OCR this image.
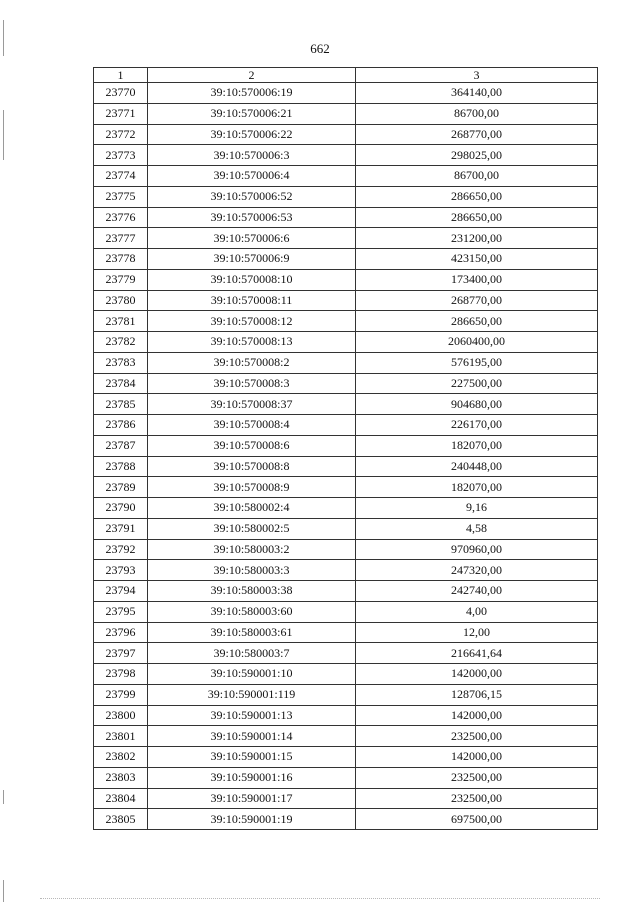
662
1	2	3
23770	39:10:570006:19	364140,00
23771	39:10:570006:21	86700,00
23772	39:10:570006:22	268770,00
23773	39:10:570006:3	298025,00
23774	39:10:570006:4	86700,00
23775	39:10:570006:52	286650,00
23776	39:10:570006:53	286650,00
23777	39:10:570006:6	231200,00
23778	39:10:570006:9	423150,00
23779	39:10:570008:10	173400,00
23780	39:10:570008:11	268770,00
23781	39:10:570008:12	286650,00
23782	39:10:570008:13	2060400,00
23783	39:10:570008:2	576195,00
23784	39:10:570008:3	227500,00
23785	39:10:570008:37	904680,00
23786	39:10:570008:4	226170,00
23787	39:10:570008:6	182070,00
23788	39:10:570008:8	240448,00
23789	39:10:570008:9	182070,00
23790	39:10:580002:4	9,16
23791	39:10:580002:5	4,58
23792	39:10:580003:2	970960,00
23793	39:10:580003:3	247320,00
23794	39:10:580003:38	242740,00
23795	39:10:580003:60	4,00
23796	39:10:580003:61	12,00
23797	39:10:580003:7	216641,64
23798	39:10:590001:10	142000,00
23799	39:10:590001:119	128706,15
23800	39:10:590001:13	142000,00
23801	39:10:590001:14	232500,00
23802	39:10:590001:15	142000,00
23803	39:10:590001:16	232500,00
23804	39:10:590001:17	232500,00
23805	39:10:590001:19	697500,00
